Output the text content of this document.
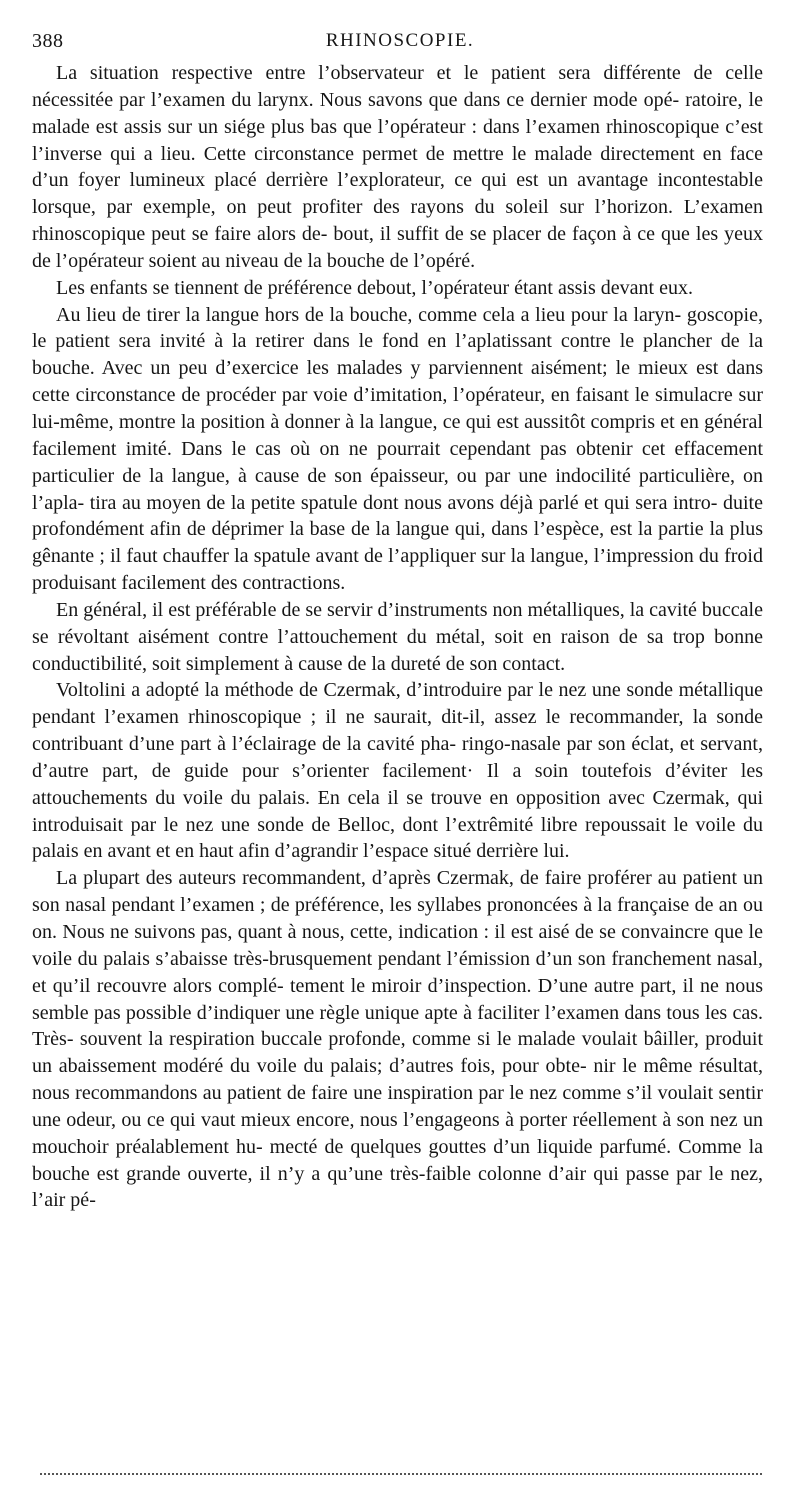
388	RHINOSCOPIE.

La situation respective entre l’observateur et le patient sera différente de celle nécessitée par l’examen du larynx. Nous savons que dans ce dernier mode opé- ratoire, le malade est assis sur un siége plus bas que l’opérateur : dans l’examen rhinoscopique c’est l’inverse qui a lieu. Cette circonstance permet de mettre le malade directement en face d’un foyer lumineux placé derrière l’explorateur, ce qui est un avantage incontestable lorsque, par exemple, on peut profiter des rayons du soleil sur l’horizon. L’examen rhinoscopique peut se faire alors de- bout, il suffit de se placer de façon à ce que les yeux de l’opérateur soient au niveau de la bouche de l’opéré.

Les enfants se tiennent de préférence debout, l’opérateur étant assis devant eux.

Au lieu de tirer la langue hors de la bouche, comme cela a lieu pour la laryn- goscopie, le patient sera invité à la retirer dans le fond en l’aplatissant contre le plancher de la bouche. Avec un peu d’exercice les malades y parviennent aisément; le mieux est dans cette circonstance de procéder par voie d’imitation, l’opérateur, en faisant le simulacre sur lui-même, montre la position à donner à la langue, ce qui est aussitôt compris et en général facilement imité. Dans le cas où on ne pourrait cependant pas obtenir cet effacement particulier de la langue, à cause de son épaisseur, ou par une indocilité particulière, on l’apla- tira au moyen de la petite spatule dont nous avons déjà parlé et qui sera intro- duite profondément afin de déprimer la base de la langue qui, dans l’espèce, est la partie la plus gênante ; il faut chauffer la spatule avant de l’appliquer sur la langue, l’impression du froid produisant facilement des contractions.

En général, il est préférable de se servir d’instruments non métalliques, la cavité buccale se révoltant aisément contre l’attouchement du métal, soit en raison de sa trop bonne conductibilité, soit simplement à cause de la dureté de son contact.

Voltolini a adopté la méthode de Czermak, d’introduire par le nez une sonde métallique pendant l’examen rhinoscopique ; il ne saurait, dit-il, assez le recommander, la sonde contribuant d’une part à l’éclairage de la cavité pha- ringo-nasale par son éclat, et servant, d’autre part, de guide pour s’orienter facilement· Il a soin toutefois d’éviter les attouchements du voile du palais. En cela il se trouve en opposition avec Czermak, qui introduisait par le nez une sonde de Belloc, dont l’extrêmité libre repoussait le voile du palais en avant et en haut afin d’agrandir l’espace situé derrière lui.

La plupart des auteurs recommandent, d’après Czermak, de faire proférer au patient un son nasal pendant l’examen ; de préférence, les syllabes prononcées à la française de an ou on. Nous ne suivons pas, quant à nous, cette, indication : il est aisé de se convaincre que le voile du palais s’abaisse très-brusquement pendant l’émission d’un son franchement nasal, et qu’il recouvre alors complé- tement le miroir d’inspection. D’une autre part, il ne nous semble pas possible d’indiquer une règle unique apte à faciliter l’examen dans tous les cas. Très- souvent la respiration buccale profonde, comme si le malade voulait bâiller, produit un abaissement modéré du voile du palais; d’autres fois, pour obte- nir le même résultat, nous recommandons au patient de faire une inspiration par le nez comme s’il voulait sentir une odeur, ou ce qui vaut mieux encore, nous l’engageons à porter réellement à son nez un mouchoir préalablement hu- mecté de quelques gouttes d’un liquide parfumé. Comme la bouche est grande ouverte, il n’y a qu’une très-faible colonne d’air qui passe par le nez, l’air pé-
